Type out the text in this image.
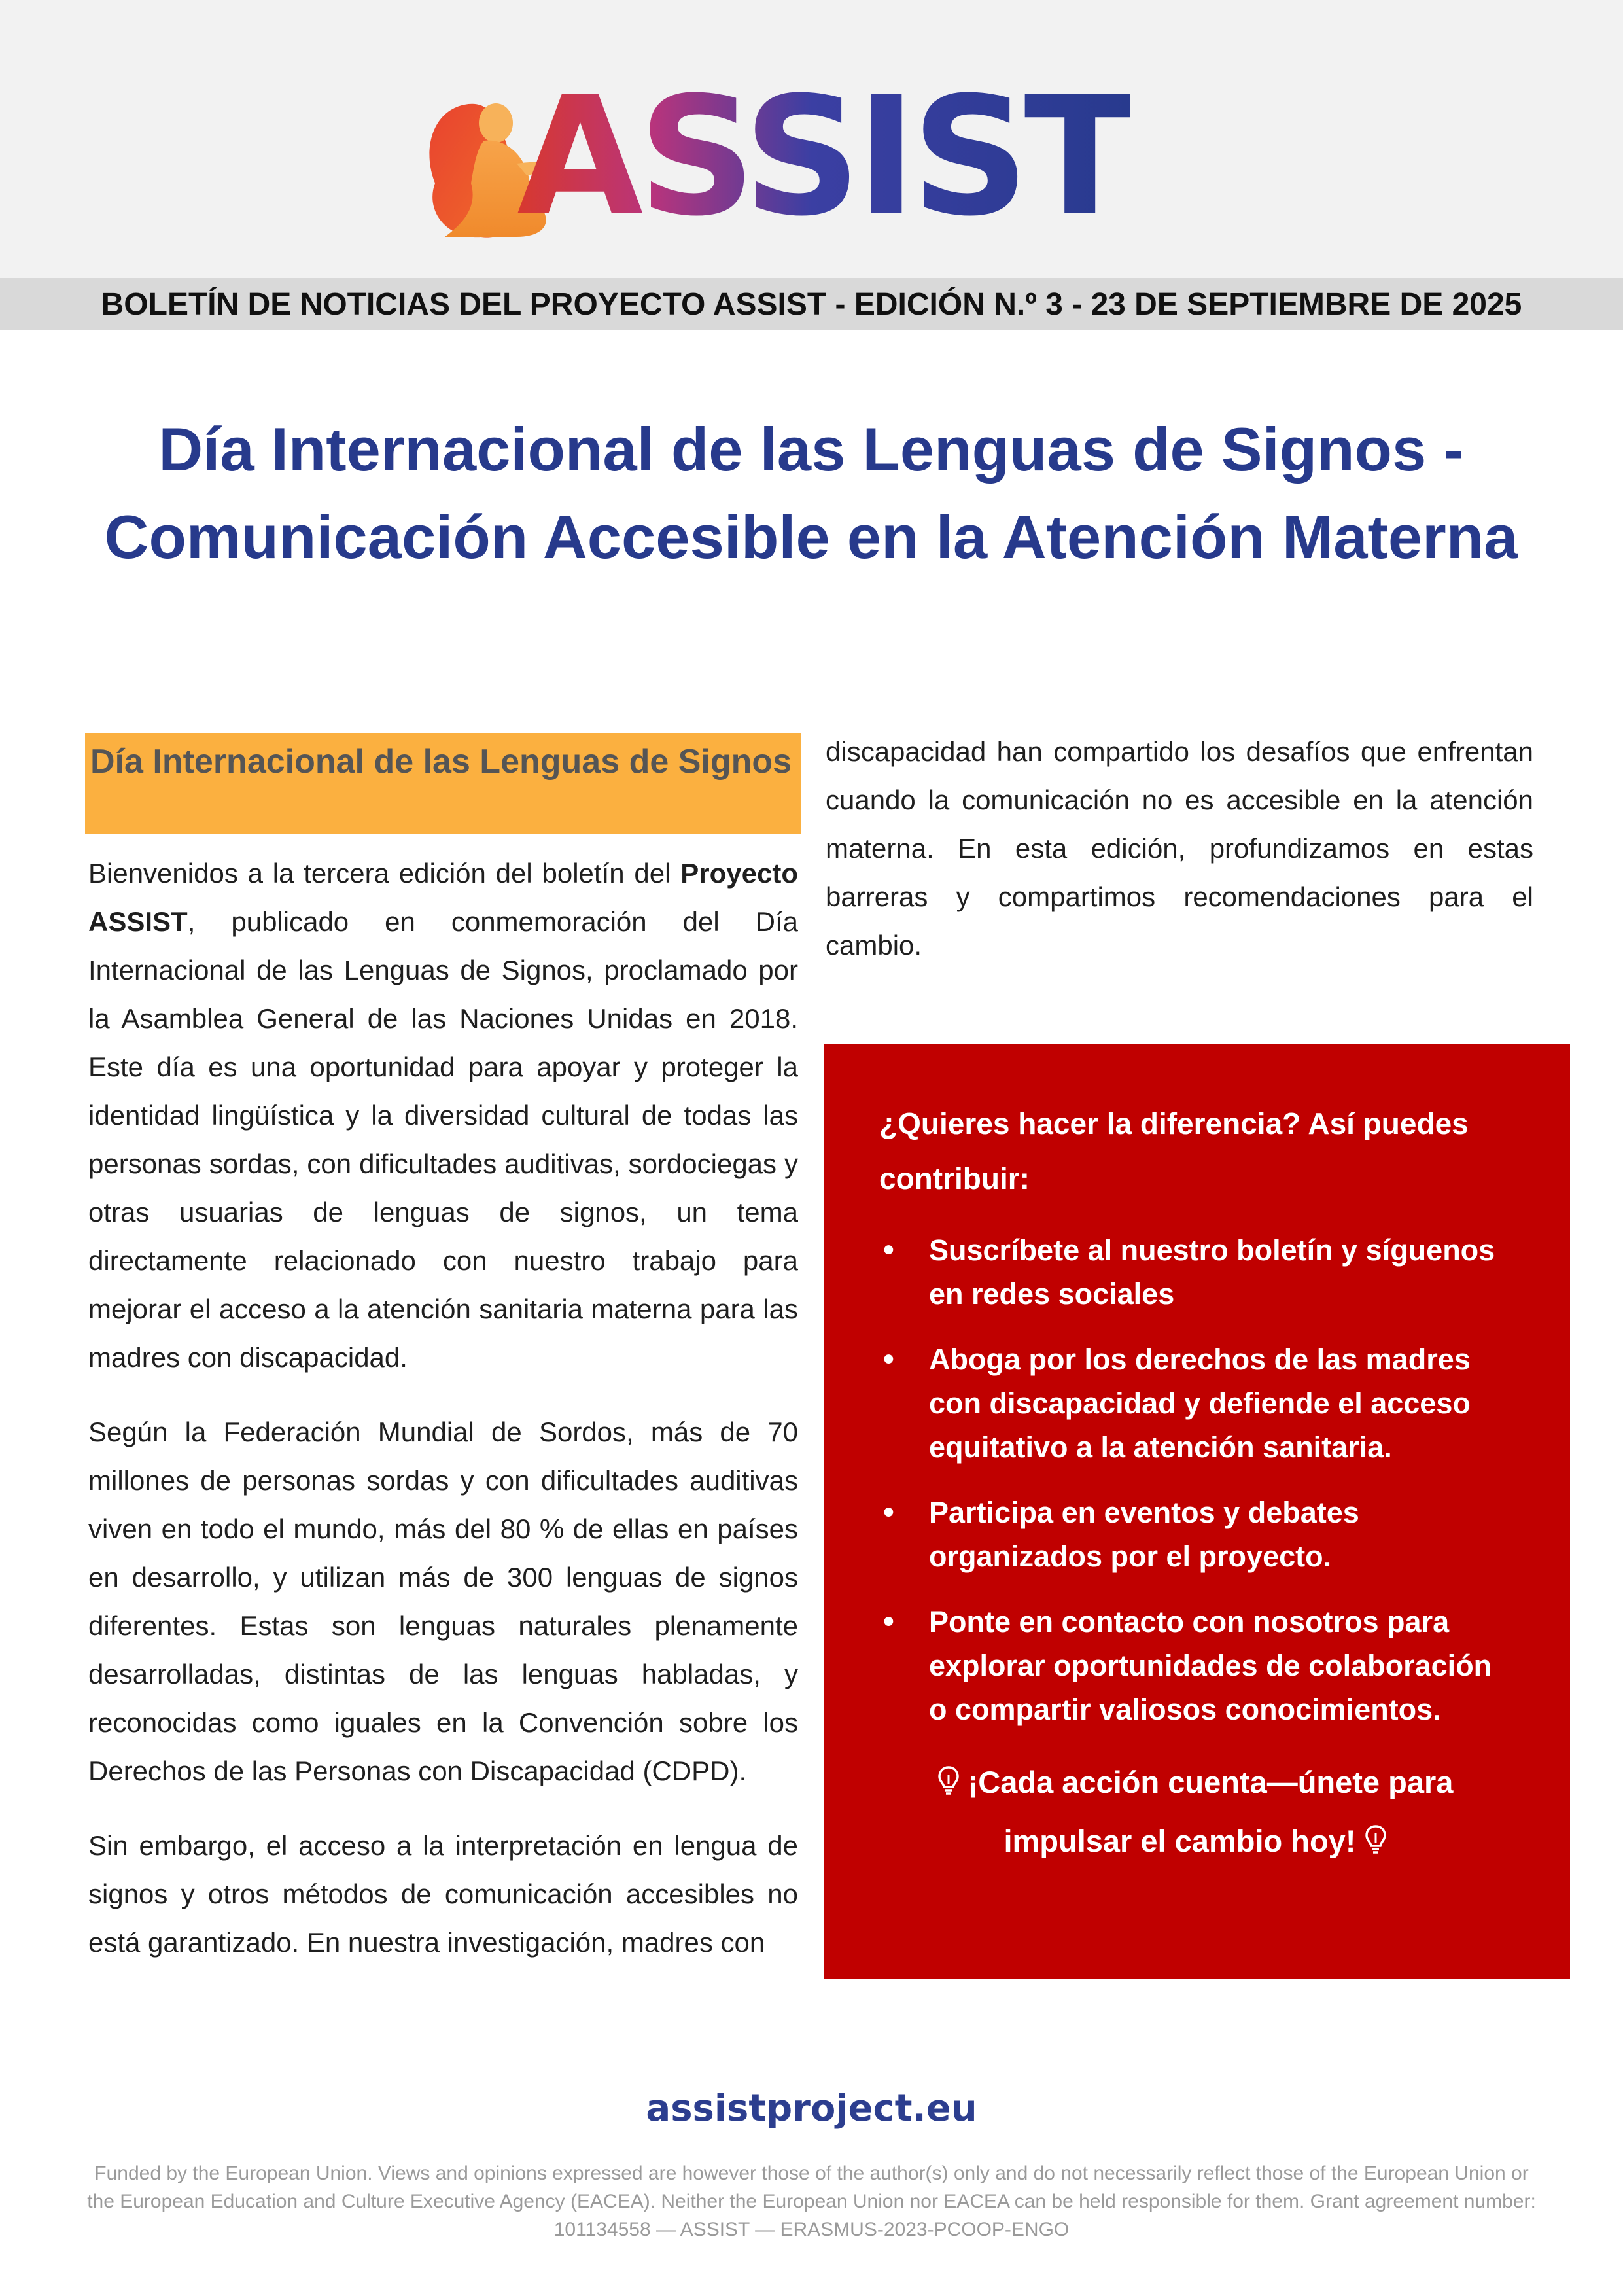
ASSIST
BOLETÍN DE NOTICIAS DEL PROYECTO ASSIST - EDICIÓN N.º 3 - 23 DE SEPTIEMBRE DE 2025
Día Internacional de las Lenguas de Signos - Comunicación Accesible en la Atención Materna
Día Internacional de las Lenguas de Signos

Bienvenidos a la tercera edición del boletín del Proyecto ASSIST, publicado en conmemoración del Día Internacional de las Lenguas de Signos, proclamado por la Asamblea General de las Naciones Unidas en 2018. Este día es una oportunidad para apoyar y proteger la identidad lingüística y la diversidad cultural de todas las personas sordas, con dificultades auditivas, sordociegas y otras usuarias de lenguas de signos, un tema directamente relacionado con nuestro trabajo para mejorar el acceso a la atención sanitaria materna para las madres con discapacidad.

Según la Federación Mundial de Sordos, más de 70 millones de personas sordas y con dificultades auditivas viven en todo el mundo, más del 80 % de ellas en países en desarrollo, y utilizan más de 300 lenguas de signos diferentes. Estas son lenguas naturales plenamente desarrolladas, distintas de las lenguas habladas, y reconocidas como iguales en la Convención sobre los Derechos de las Personas con Discapacidad (CDPD).

Sin embargo, el acceso a la interpretación en lengua de signos y otros métodos de comunicación accesibles no está garantizado. En nuestra investigación, madres con

discapacidad han compartido los desafíos que enfrentan cuando la comunicación no es accesible en la atención materna. En esta edición, profundizamos en estas barreras y compartimos recomendaciones para el cambio.

¿Quieres hacer la diferencia? Así puedes contribuir:
• Suscríbete al nuestro boletín y síguenos en redes sociales
• Aboga por los derechos de las madres con discapacidad y defiende el acceso equitativo a la atención sanitaria.
• Participa en eventos y debates organizados por el proyecto.
• Ponte en contacto con nosotros para explorar oportunidades de colaboración o compartir valiosos conocimientos.
¡Cada acción cuenta—únete para
impulsar el cambio hoy!
assistproject.eu
Funded by the European Union. Views and opinions expressed are however those of the author(s) only and do not necessarily reflect those of the European Union or the European Education and Culture Executive Agency (EACEA). Neither the European Union nor EACEA can be held responsible for them. Grant agreement number: 101134558 — ASSIST — ERASMUS-2023-PCOOP-ENGO
